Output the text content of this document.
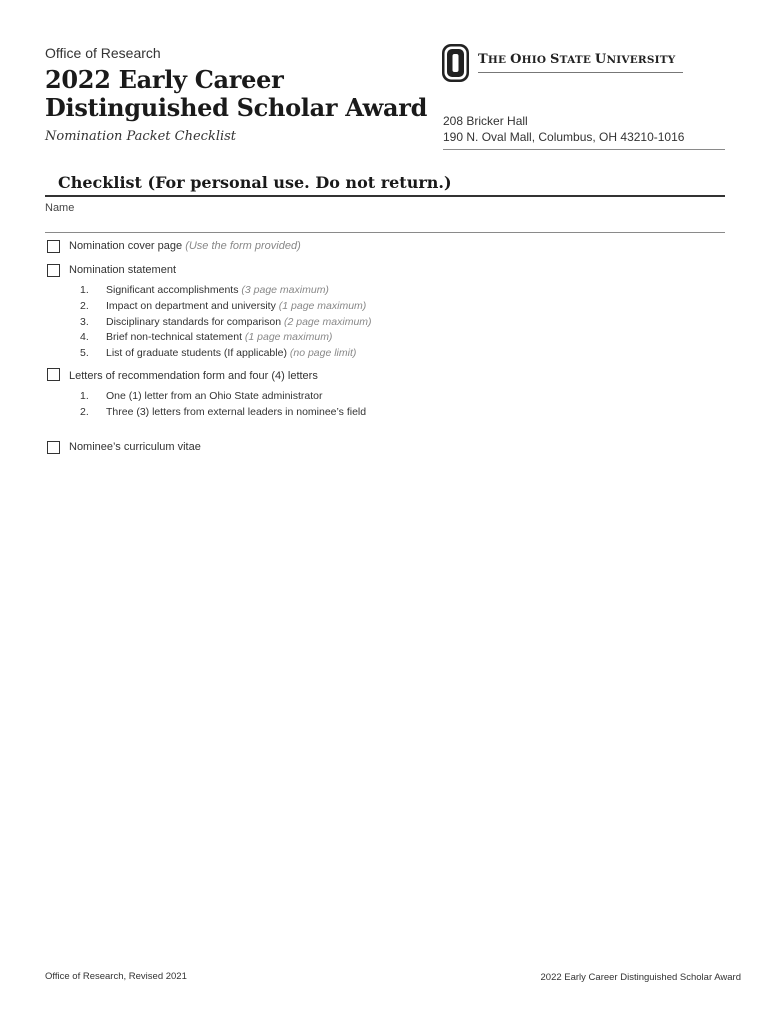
Office of Research
2022 Early Career
Distinguished Scholar Award
Nomination Packet Checklist
THE OHIO STATE UNIVERSITY
208 Bricker Hall
190 N. Oval Mall, Columbus, OH 43210-1016
Checklist (For personal use. Do not return.)
Name
Nomination cover page (Use the form provided)
Nomination statement
1. Significant accomplishments (3 page maximum)
2. Impact on department and university (1 page maximum)
3. Disciplinary standards for comparison (2 page maximum)
4. Brief non-technical statement (1 page maximum)
5. List of graduate students (If applicable) (no page limit)
Letters of recommendation form and four (4) letters
1. One (1) letter from an Ohio State administrator
2. Three (3) letters from external leaders in nominee’s field
Nominee’s curriculum vitae
Office of Research, Revised 2021	2022 Early Career Distinguished Scholar Award
